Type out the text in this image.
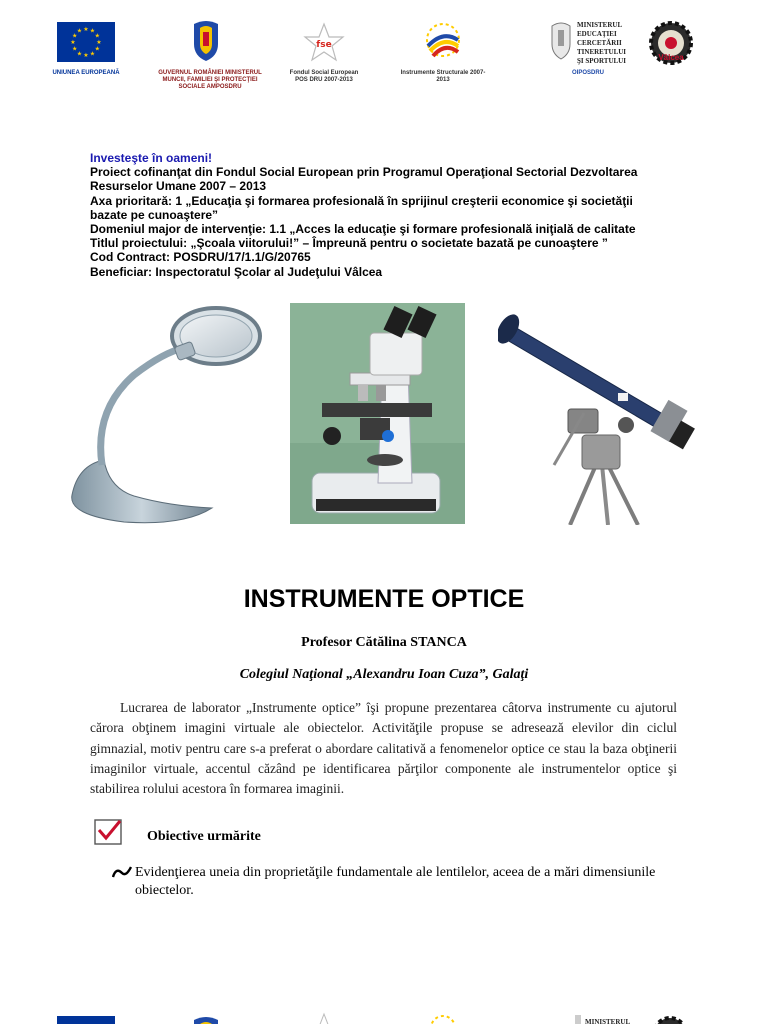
★ ★
★
★
★
★
★
★
★
★
★
★
UNIUNEA EUROPEANĂ	GUVERNUL ROMÂNIEI MINISTERUL MUNCII, FAMILIEI ŞI PROTECŢIEI SOCIALE AMPOSDRU
fse
Fondul Social European POS DRU 2007-2013
Instrumente Structurale 2007-2013
MINISTERUL EDUCAŢIEI CERCETĂRII TINERETULUI ŞI SPORTULUI
OIPOSDRU
Vâlcea
Investeşte în oameni!
Proiect cofinanţat din Fondul Social European prin Programul Operaţional Sectorial Dezvoltarea
Resurselor Umane 2007 – 2013
Axa prioritară: 1 „Educaţia şi formarea profesională în sprijinul creşterii economice şi societăţii
bazate pe cunoaştere”
Domeniul major de intervenţie: 1.1 „Acces la educaţie şi formare profesională iniţială de calitate
Titlul proiectului: „Şcoala viitorului!” – Împreună pentru o societate bazată pe cunoaştere ”
Cod Contract: POSDRU/17/1.1/G/20765
Beneficiar: Inspectoratul Şcolar al Judeţului Vâlcea
INSTRUMENTE OPTICE
Profesor Cătălina STANCA
Colegiul Naţional „Alexandru Ioan Cuza”, Galaţi
Lucrarea de laborator „Instrumente optice” îşi propune prezentarea câtorva instrumente cu ajutorul cărora obţinem imagini virtuale ale obiectelor. Activităţile propuse se adresează elevilor din ciclul gimnazial, motiv pentru care s-a preferat o abordare calitativă a fenomenelor optice ce stau la baza obţinerii imaginilor virtuale, accentul căzând pe identificarea părţilor componente ale instrumentelor optice şi stabilirea rolului acestora în formarea imaginii.
Obiective urmărite
Evidenţierea uneia din proprietăţile fundamentale ale lentilelor, aceea de a mări dimensiunile obiectelor.
MINISTERUL
